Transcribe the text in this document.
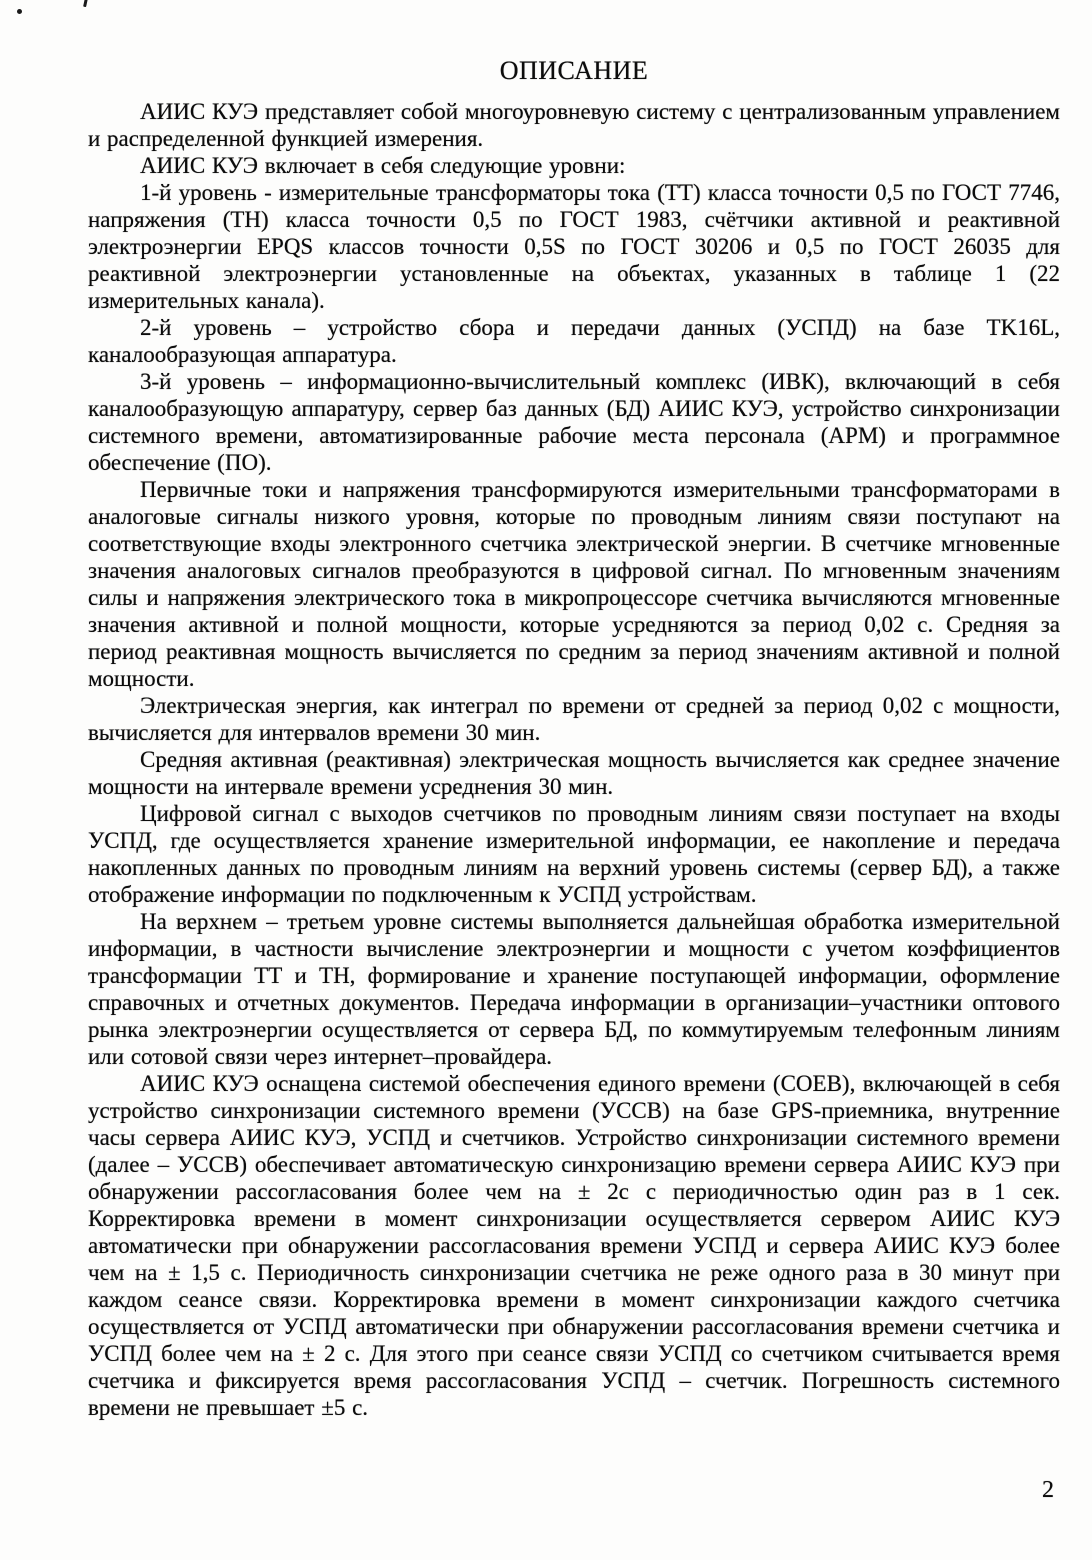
ОПИСАНИЕ

АИИС КУЭ представляет собой многоуровневую систему с централизованным управлением и распределенной функцией измерения.

АИИС КУЭ включает в себя следующие уровни:

1-й уровень - измерительные трансформаторы тока (ТТ) класса точности 0,5 по ГОСТ 7746, напряжения (ТН) класса точности 0,5 по ГОСТ 1983, счётчики активной и реактивной электроэнергии EPQS классов точности 0,5S по ГОСТ 30206 и 0,5 по ГОСТ 26035 для реактивной электроэнергии установленные на объектах, указанных в таблице 1 (22 измерительных канала).

2-й уровень – устройство сбора и передачи данных (УСПД) на базе TK16L, каналообразующая аппаратура.

3-й уровень – информационно-вычислительный комплекс (ИВК), включающий в себя каналообразующую аппаратуру, сервер баз данных (БД) АИИС КУЭ, устройство синхронизации системного времени, автоматизированные рабочие места персонала (АРМ) и программное обеспечение (ПО).

Первичные токи и напряжения трансформируются измерительными трансформаторами в аналоговые сигналы низкого уровня, которые по проводным линиям связи поступают на соответствующие входы электронного счетчика электрической энергии. В счетчике мгновенные значения аналоговых сигналов преобразуются в цифровой сигнал. По мгновенным значениям силы и напряжения электрического тока в микропроцессоре счетчика вычисляются мгновенные значения активной и полной мощности, которые усредняются за период 0,02 с. Средняя за период реактивная мощность вычисляется по средним за период значениям активной и полной мощности.

Электрическая энергия, как интеграл по времени от средней за период 0,02 с мощности, вычисляется для интервалов времени 30 мин.

Средняя активная (реактивная) электрическая мощность вычисляется как среднее значение мощности на интервале времени усреднения 30 мин.

Цифровой сигнал с выходов счетчиков по проводным линиям связи поступает на входы УСПД, где осуществляется хранение измерительной информации, ее накопление и передача накопленных данных по проводным линиям на верхний уровень системы (сервер БД), а также отображение информации по подключенным к УСПД устройствам.

На верхнем – третьем уровне системы выполняется дальнейшая обработка измерительной информации, в частности вычисление электроэнергии и мощности с учетом коэффициентов трансформации ТТ и ТН, формирование и хранение поступающей информации, оформление справочных и отчетных документов. Передача информации в организации–участники оптового рынка электроэнергии осуществляется от сервера БД, по коммутируемым телефонным линиям или сотовой связи через интернет–провайдера.

АИИС КУЭ оснащена системой обеспечения единого времени (СОЕВ), включающей в себя устройство синхронизации системного времени (УССВ) на базе GPS-приемника, внутренние часы сервера АИИС КУЭ, УСПД и счетчиков. Устройство синхронизации системного времени (далее – УССВ) обеспечивает автоматическую синхронизацию времени сервера АИИС КУЭ при обнаружении рассогласования более чем на ± 2с с периодичностью один раз в 1 сек. Корректировка времени в момент синхронизации осуществляется сервером АИИС КУЭ автоматически при обнаружении рассогласования времени УСПД и сервера АИИС КУЭ более чем на ± 1,5 с. Периодичность синхронизации счетчика не реже одного раза в 30 минут при каждом сеансе связи. Корректировка времени в момент синхронизации каждого счетчика осуществляется от УСПД автоматически при обнаружении рассогласования времени счетчика и УСПД более чем на ± 2 с. Для этого при сеансе связи УСПД со счетчиком считывается время счетчика и фиксируется время рассогласования УСПД – счетчик. Погрешность системного времени не превышает ±5 с.

2
